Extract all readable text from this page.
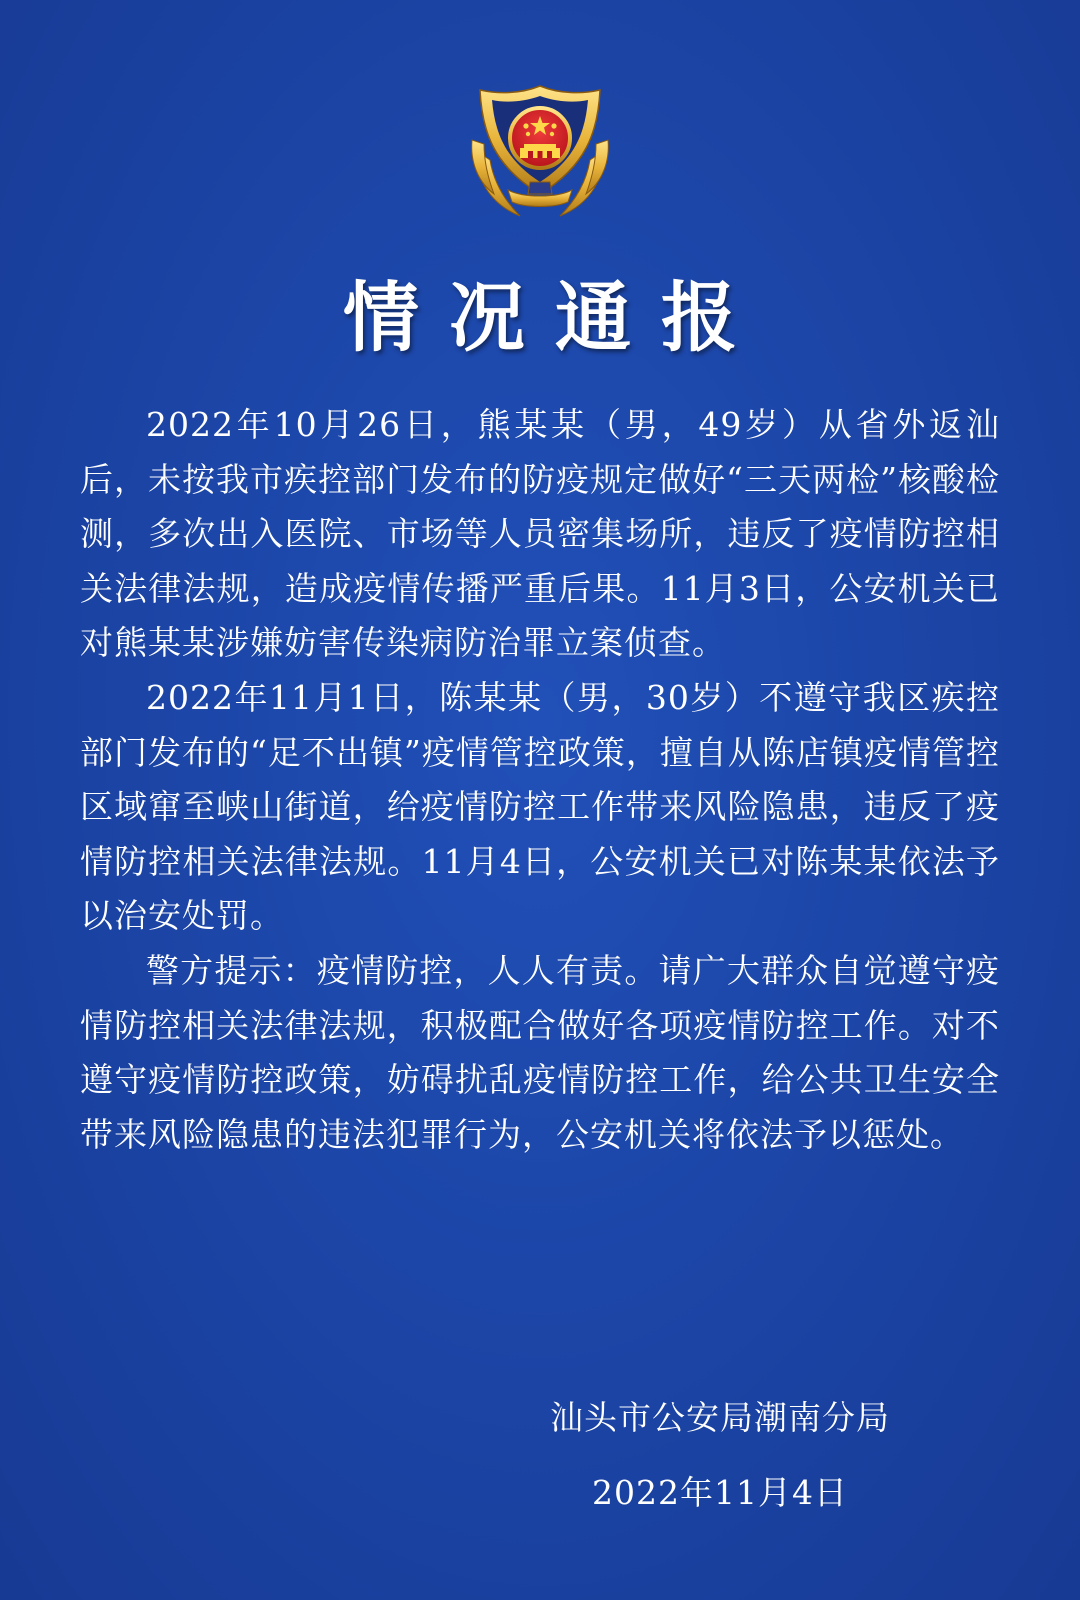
情况通报

2022年10月26日，熊某某（男，49岁）从省外返汕后，未按我市疾控部门发布的防疫规定做好“三天两检”核酸检测，多次出入医院、市场等人员密集场所，违反了疫情防控相关法律法规，造成疫情传播严重后果。11月3日，公安机关已对熊某某涉嫌妨害传染病防治罪立案侦查。

2022年11月1日，陈某某（男，30岁）不遵守我区疾控部门发布的“足不出镇”疫情管控政策，擅自从陈店镇疫情管控区域窜至峡山街道，给疫情防控工作带来风险隐患，违反了疫情防控相关法律法规。11月4日，公安机关已对陈某某依法予以治安处罚。

警方提示：疫情防控，人人有责。请广大群众自觉遵守疫情防控相关法律法规，积极配合做好各项疫情防控工作。对不遵守疫情防控政策，妨碍扰乱疫情防控工作，给公共卫生安全带来风险隐患的违法犯罪行为，公安机关将依法予以惩处。

汕头市公安局潮南分局
2022年11月4日
